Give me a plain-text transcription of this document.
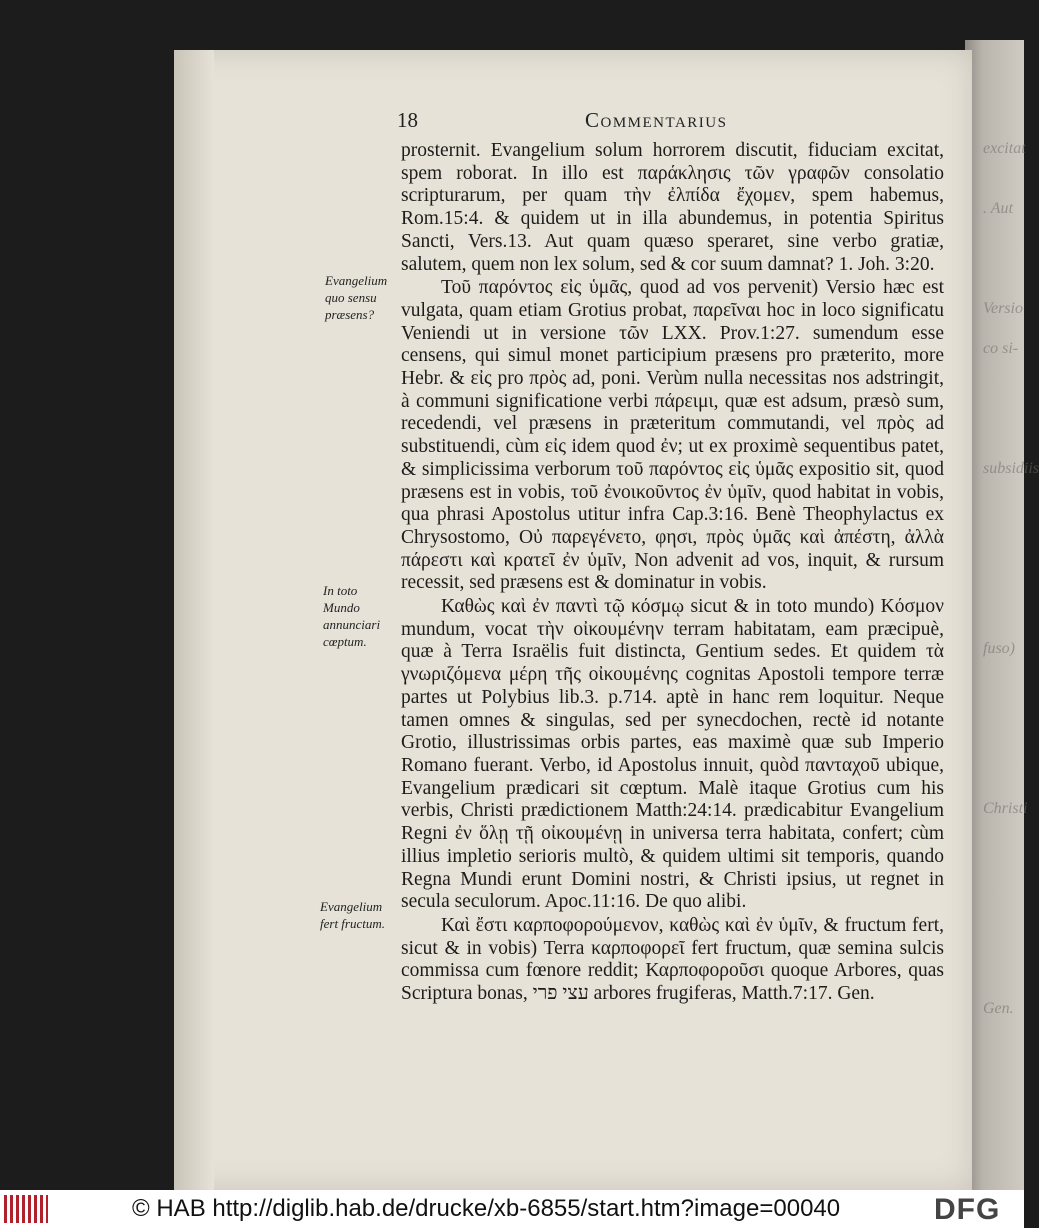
excitat
. Aut
Versio
co si-
subsidiis
fuso)
Christi
Gen.
18	Commentarius
Evangelium quo sensu præsens?
In toto Mundo annunciari cœptum.
Evangelium fert fructum.

prosternit. Evangelium solum horrorem discutit, fiduciam excitat, spem roborat. In illo est παράκλησις τῶν γραφῶν consolatio scripturarum, per quam τὴν ἐλπίδα ἔχομεν, spem habemus, Rom.15:4. & quidem ut in illa abundemus, in potentia Spiritus Sancti, Vers.13. Aut quam quæso speraret, sine verbo gratiæ, salutem, quem non lex solum, sed & cor suum damnat? 1. Joh. 3:20.

Τοῦ παρόντος εἰς ὑμᾶς, quod ad vos pervenit) Versio hæc est vulgata, quam etiam Grotius probat, παρεῖναι hoc in loco significatu Veniendi ut in versione τῶν LXX. Prov.1:27. sumendum esse censens, qui simul monet participium præsens pro præterito, more Hebr. & εἰς pro πρὸς ad, poni. Verùm nulla necessitas nos adstringit, à communi significatione verbi πάρειμι, quæ est adsum, præsò sum, recedendi, vel præsens in præteritum commutandi, vel πρὸς ad substituendi, cùm εἰς idem quod ἐν; ut ex proximè sequentibus patet, & simplicissima verborum τοῦ παρόντος εἰς ὑμᾶς expositio sit, quod præsens est in vobis, τοῦ ἐνοικοῦντος ἐν ὑμῖν, quod habitat in vobis, qua phrasi Apostolus utitur infra Cap.3:16. Benè Theophylactus ex Chrysostomo, Οὐ παρεγένετο, φησι, πρὸς ὑμᾶς καὶ ἀπέστη, ἀλλὰ πάρεστι καὶ κρατεῖ ἐν ὑμῖν, Non advenit ad vos, inquit, & rursum recessit, sed præsens est & dominatur in vobis.

Καθὼς καὶ ἐν παντὶ τῷ κόσμῳ sicut & in toto mundo) Κόσμον mundum, vocat τὴν οἰκουμένην terram habitatam, eam præcipuè, quæ à Terra Israëlis fuit distincta, Gentium sedes. Et quidem τὰ γνωριζόμενα μέρη τῆς οἰκουμένης cognitas Apostoli tempore terræ partes ut Polybius lib.3. p.714. aptè in hanc rem loquitur. Neque tamen omnes & singulas, sed per synecdochen, rectè id notante Grotio, illustrissimas orbis partes, eas maximè quæ sub Imperio Romano fuerant. Verbo, id Apostolus innuit, quòd πανταχοῦ ubique, Evangelium prædicari sit cœptum. Malè itaque Grotius cum his verbis, Christi prædictionem Matth:24:14. prædicabitur Evangelium Regni ἐν ὅλῃ τῇ οἰκουμένῃ in universa terra habitata, confert; cùm illius impletio serioris multò, & quidem ultimi sit temporis, quando Regna Mundi erunt Domini nostri, & Christi ipsius, ut regnet in secula seculorum. Apoc.11:16. De quo alibi.

Καὶ ἔστι καρποφορούμενον, καθὼς καὶ ἐν ὑμῖν, & fructum fert, sicut & in vobis) Terra καρποφορεῖ fert fructum, quæ semina sulcis commissa cum fœnore reddit; Καρποφοροῦσι quoque Arbores, quas Scriptura bonas, עצי פרי arbores frugiferas, Matth.7:17. Gen.

© HAB http://diglib.hab.de/drucke/xb-6855/start.htm?image=00040	DFG
